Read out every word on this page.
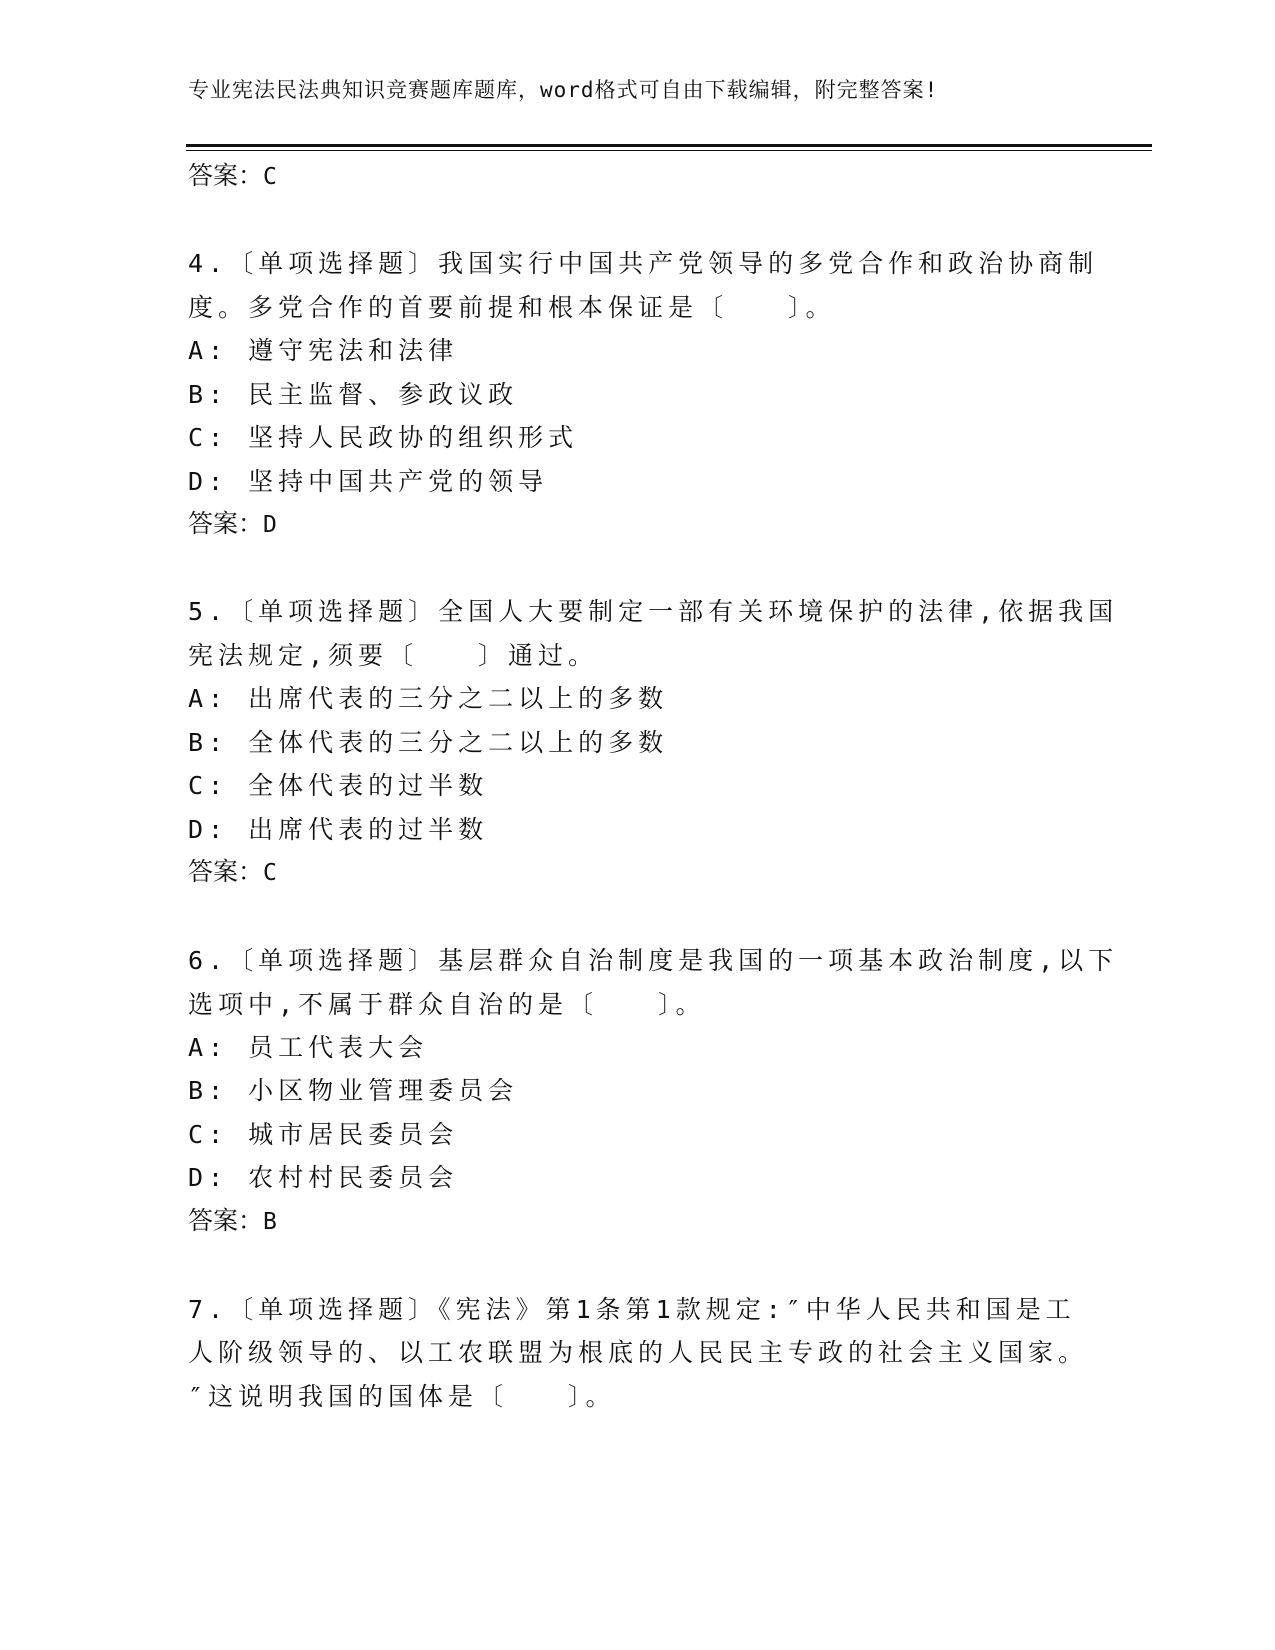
专业宪法民法典知识竞赛题库题库，word格式可自由下载编辑，附完整答案!
答案：C
4.〔单项选择题〕我国实行中国共产党领导的多党合作和政治协商制
度。多党合作的首要前提和根本保证是〔　　〕。
A: 遵守宪法和法律
B: 民主监督、参政议政
C: 坚持人民政协的组织形式
D: 坚持中国共产党的领导
答案：D
5.〔单项选择题〕全国人大要制定一部有关环境保护的法律,依据我国
宪法规定,须要〔　　〕通过。
A: 出席代表的三分之二以上的多数
B: 全体代表的三分之二以上的多数
C: 全体代表的过半数
D: 出席代表的过半数
答案：C
6.〔单项选择题〕基层群众自治制度是我国的一项基本政治制度,以下
选项中,不属于群众自治的是〔　　〕。
A: 员工代表大会
B: 小区物业管理委员会
C: 城市居民委员会
D: 农村村民委员会
答案：B
7.〔单项选择题〕《宪法》第1条第1款规定:″中华人民共和国是工
人阶级领导的、以工农联盟为根底的人民民主专政的社会主义国家。
″这说明我国的国体是〔　　〕。
